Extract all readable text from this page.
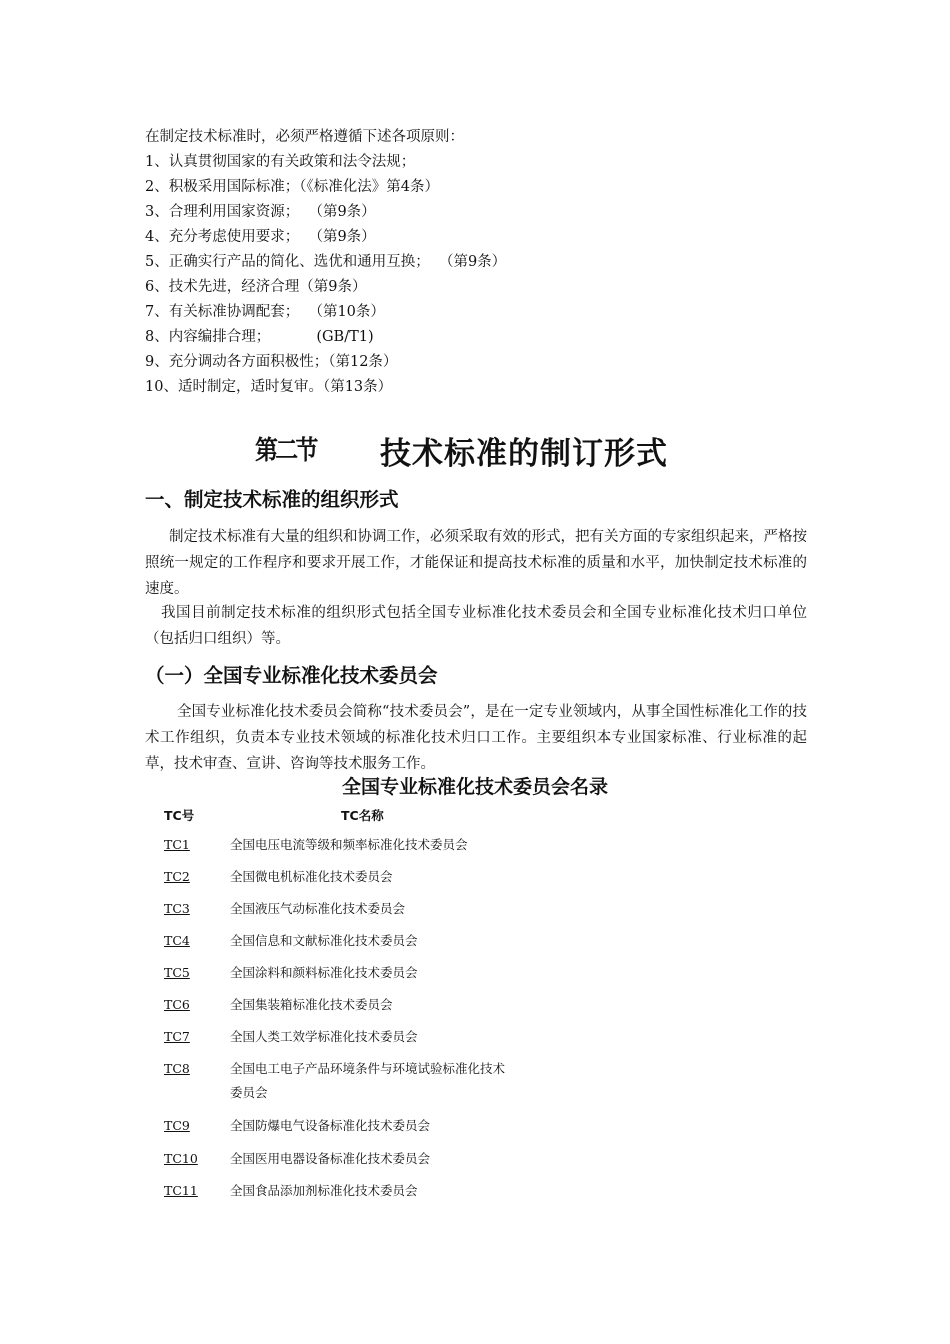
在制定技术标准时，必须严格遵循下述各项原则：
1、认真贯彻国家的有关政策和法令法规；
2、积极采用国际标准；（《标准化法》第4条）
3、合理利用国家资源；  （第9条）
4、充分考虑使用要求；  （第9条）
5、正确实行产品的简化、选优和通用互换；  （第9条）
6、技术先进，经济合理（第9条）
7、有关标准协调配套；  （第10条）
8、内容编排合理；          (GB/T1)
9、充分调动各方面积极性；（第12条）
10、适时制定，适时复审。（第13条）
第二节 技术标准的制订形式
一、制定技术标准的组织形式
制定技术标准有大量的组织和协调工作，必须采取有效的形式，把有关方面的专家组织起来，严格按照统一规定的工作程序和要求开展工作，才能保证和提高技术标准的质量和水平，加快制定技术标准的速度。
我国目前制定技术标准的组织形式包括全国专业标准化技术委员会和全国专业标准化技术归口单位（包括归口组织）等。
（一）全国专业标准化技术委员会
全国专业标准化技术委员会简称“技术委员会”，是在一定专业领域内，从事全国性标准化工作的技术工作组织，负责本专业技术领域的标准化技术归口工作。主要组织本专业国家标准、行业标准的起草，技术审查、宣讲、咨询等技术服务工作。
全国专业标准化技术委员会名录
TC号	TC名称
TC1	全国电压电流等级和频率标准化技术委员会
TC2	全国微电机标准化技术委员会
TC3	全国液压气动标准化技术委员会
TC4	全国信息和文献标准化技术委员会
TC5	全国涂料和颜料标准化技术委员会
TC6	全国集装箱标准化技术委员会
TC7	全国人类工效学标准化技术委员会
TC8	全国电工电子产品环境条件与环境试验标准化技术委员会
TC9	全国防爆电气设备标准化技术委员会
TC10	全国医用电器设备标准化技术委员会
TC11	全国食品添加剂标准化技术委员会
